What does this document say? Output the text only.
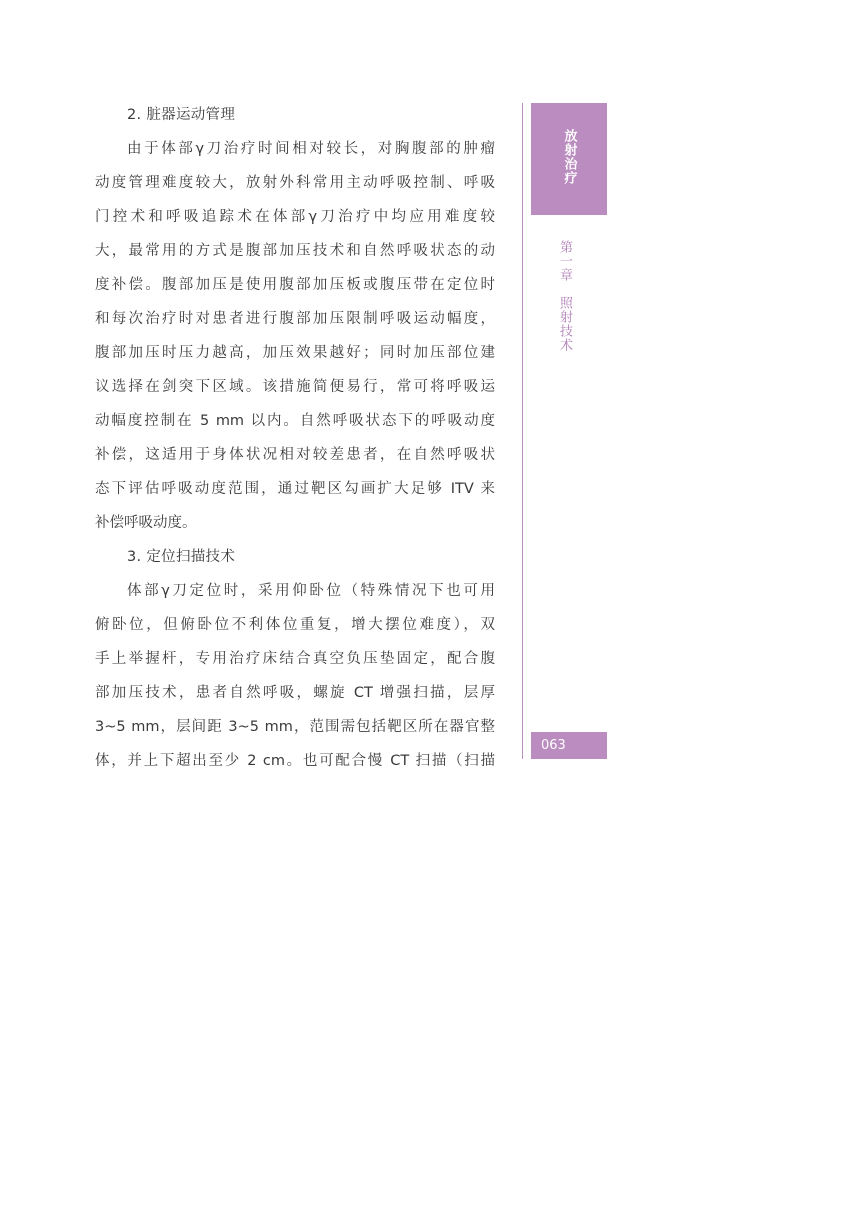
2. 脏器运动管理
由于体部γ刀治疗时间相对较长，对胸腹部的肿瘤
动度管理难度较大，放射外科常用主动呼吸控制、呼吸
门控术和呼吸追踪术在体部γ刀治疗中均应用难度较
大，最常用的方式是腹部加压技术和自然呼吸状态的动
度补偿。腹部加压是使用腹部加压板或腹压带在定位时
和每次治疗时对患者进行腹部加压限制呼吸运动幅度，
腹部加压时压力越高，加压效果越好；同时加压部位建
议选择在剑突下区域。该措施简便易行，常可将呼吸运
动幅度控制在 5 mm 以内。自然呼吸状态下的呼吸动度
补偿，这适用于身体状况相对较差患者，在自然呼吸状
态下评估呼吸动度范围，通过靶区勾画扩大足够 ITV 来
补偿呼吸动度。
3. 定位扫描技术
体部γ刀定位时，采用仰卧位（特殊情况下也可用
俯卧位，但俯卧位不利体位重复，增大摆位难度），双
手上举握杆，专用治疗床结合真空负压垫固定，配合腹
部加压技术，患者自然呼吸，螺旋 CT 增强扫描，层厚
3~5 mm，层间距 3~5 mm，范围需包括靶区所在器官整
体，并上下超出至少 2 cm。也可配合慢 CT 扫描（扫描
放射治疗
第一章　照射技术
063
